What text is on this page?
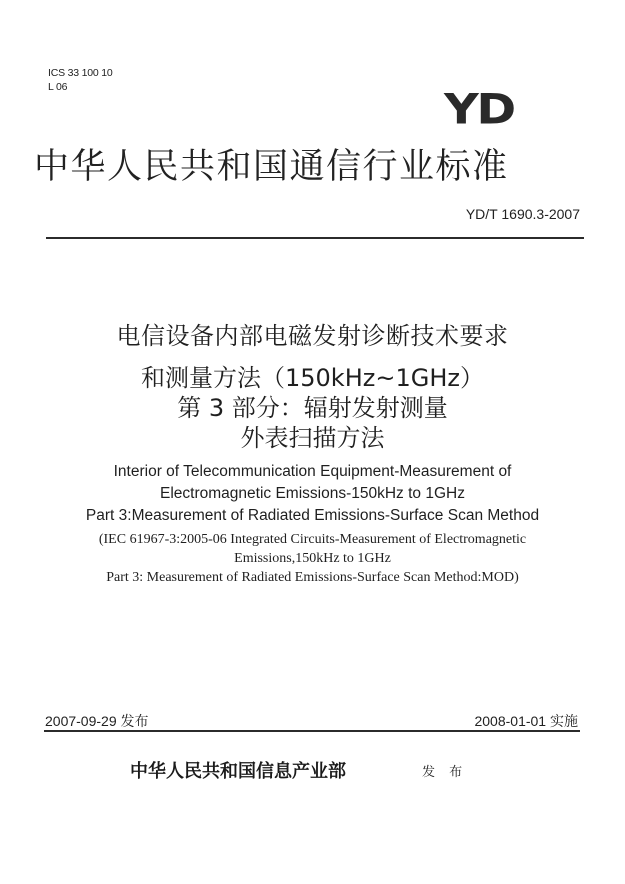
ICS 33 100 10
L 06	YD
中华人民共和国通信行业标准
YD/T 1690.3-2007
电信设备内部电磁发射诊断技术要求
和测量方法（150kHz~1GHz）
第 3 部分：辐射发射测量
外表扫描方法
Interior of Telecommunication Equipment-Measurement of
Electromagnetic Emissions-150kHz to 1GHz
Part 3:Measurement of Radiated Emissions-Surface Scan Method
(IEC 61967-3:2005-06 Integrated Circuits-Measurement of Electromagnetic
Emissions,150kHz to 1GHz
Part 3: Measurement of Radiated Emissions-Surface Scan Method:MOD)
2007-09-29 发布	2008-01-01 实施
中华人民共和国信息产业部	发 布
